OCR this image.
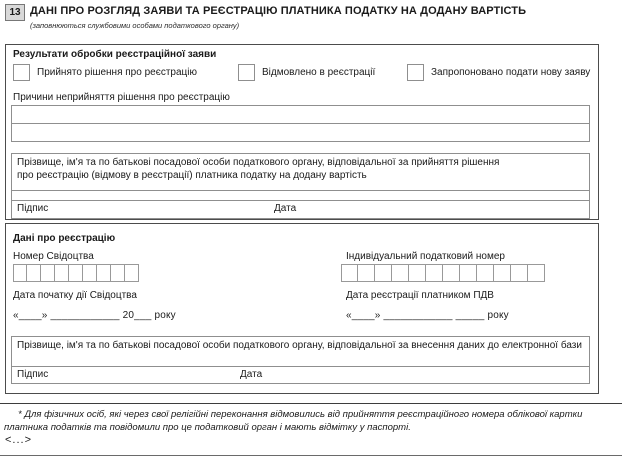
13 ДАНІ ПРО РОЗГЛЯД ЗАЯВИ ТА РЕЄСТРАЦІЮ ПЛАТНИКА ПОДАТКУ НА ДОДАНУ ВАРТІСТЬ
(заповнюються службовими особами податкового органу)
Результати обробки реєстраційної заяви
Прийнято рішення про реєстрацію	Відмовлено в реєстрації	Запропоновано подати нову заяву
Причини неприйняття рішення про реєстрацію
Прізвище, ім'я та по батькові посадової особи податкового органу, відповідальної за прийняття рішення
про реєстрацію (відмову в реєстрації) платника податку на додану вартість
Підпис	Дата
Дані про реєстрацію
Номер Свідоцтва	Індивідуальний податковий номер
Дата початку дії Свідоцтва	Дата реєстрації платником ПДВ
«____» ____________ 20___ року	«____» ____________ _____ року
Прізвище, ім'я та по батькові посадової особи податкового органу, відповідальної за внесення даних до електронної бази
Підпис	Дата
* Для фізичних осіб, які через свої релігійні переконання відмовились від прийняття реєстраційного номера облікової картки платника податків та повідомили про це податковий орган і мають відмітку у паспорті.
<...>
